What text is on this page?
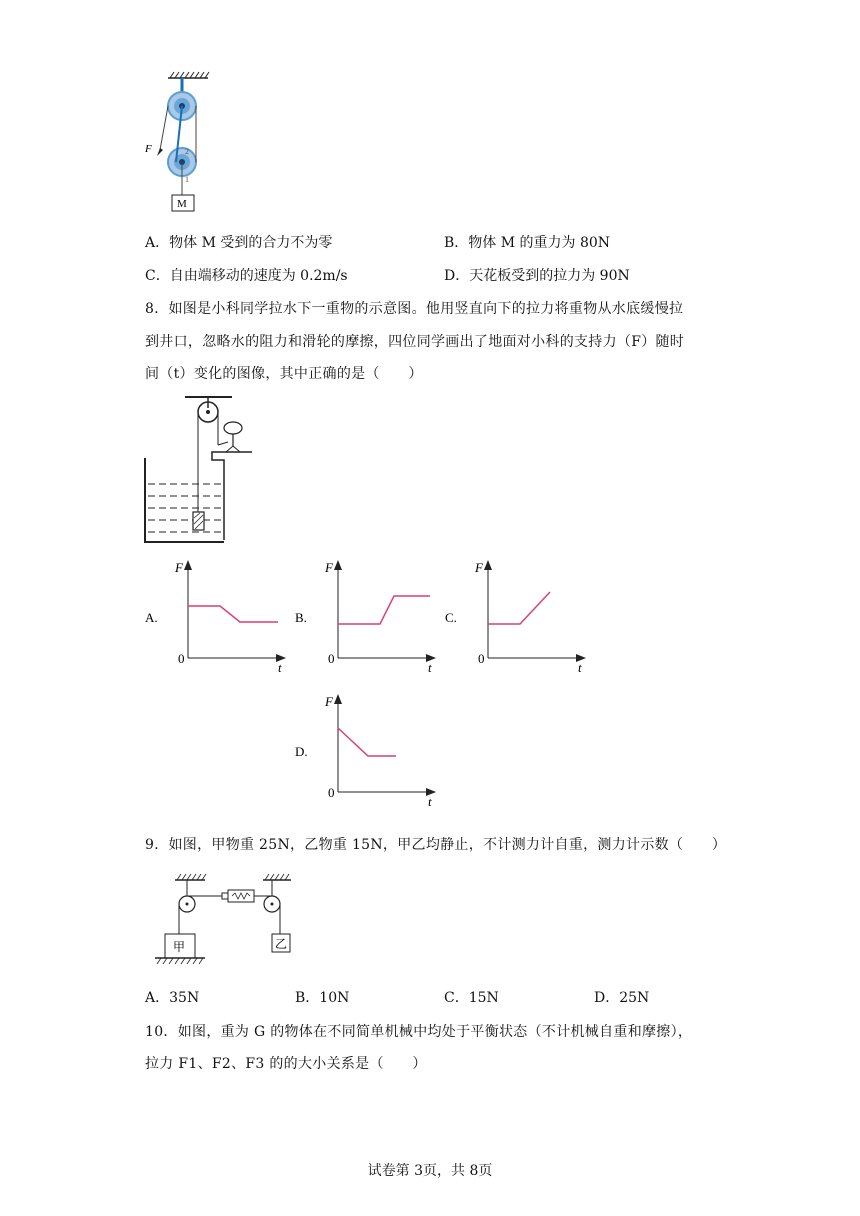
F	2
1
M
A．物体 M 受到的合力不为零	B．物体 M 的重力为 80N
C．自由端移动的速度为 0.2m/s	D．天花板受到的拉力为 90N
8．如图是小科同学拉水下一重物的示意图。他用竖直向下的拉力将重物从水底缓慢拉
到井口，忽略水的阻力和滑轮的摩擦，四位同学画出了地面对小科的支持力（F）随时
间（t）变化的图像，其中正确的是（　　）
A.
F
t
0
B.
F
t
0
C.
F
t
0
D.
F
t
0
9．如图，甲物重 25N，乙物重 15N，甲乙均静止，不计测力计自重，测力计示数（　　）
甲	乙
A．35N	B．10N	C．15N	D．25N
10．如图，重为 G 的物体在不同简单机械中均处于平衡状态（不计机械自重和摩擦），
拉力 F1、F2、F3 的的大小关系是（　　）
试卷第 3页，共 8页
